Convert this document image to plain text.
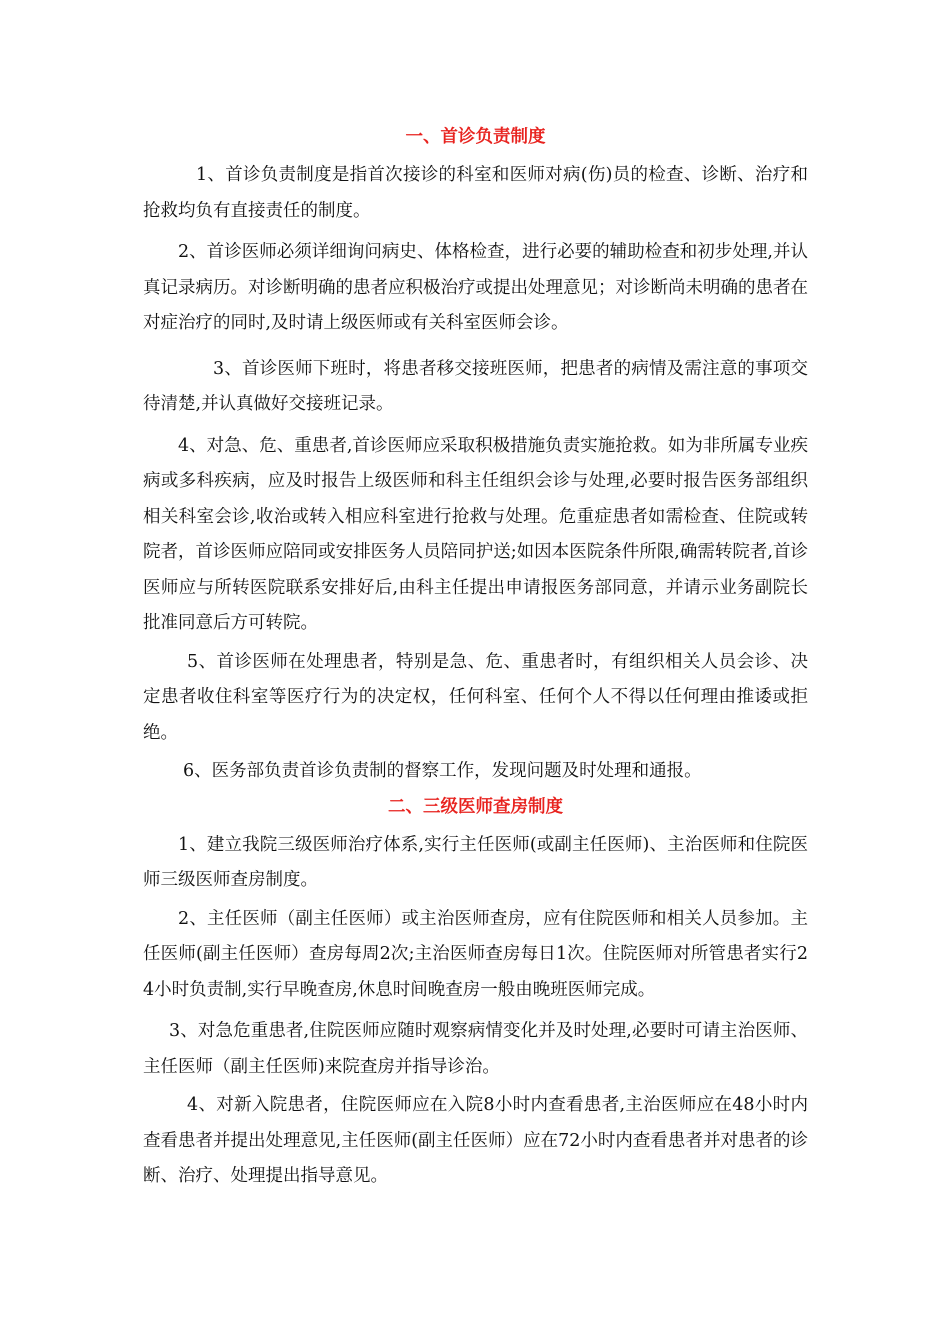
一、首诊负责制度

1、首诊负责制度是指首次接诊的科室和医师对病(伤)员的检查、诊断、治疗和抢救均负有直接责任的制度。

2、首诊医师必须详细询问病史、体格检查，进行必要的辅助检查和初步处理,并认真记录病历。对诊断明确的患者应积极治疗或提出处理意见；对诊断尚未明确的患者在对症治疗的同时,及时请上级医师或有关科室医师会诊。

3、首诊医师下班时，将患者移交接班医师，把患者的病情及需注意的事项交待清楚,并认真做好交接班记录。

4、对急、危、重患者,首诊医师应采取积极措施负责实施抢救。如为非所属专业疾病或多科疾病，应及时报告上级医师和科主任组织会诊与处理,必要时报告医务部组织相关科室会诊,收治或转入相应科室进行抢救与处理。危重症患者如需检查、住院或转院者，首诊医师应陪同或安排医务人员陪同护送;如因本医院条件所限,确需转院者,首诊医师应与所转医院联系安排好后,由科主任提出申请报医务部同意，并请示业务副院长批准同意后方可转院。

5、首诊医师在处理患者，特别是急、危、重患者时，有组织相关人员会诊、决定患者收住科室等医疗行为的决定权，任何科室、任何个人不得以任何理由推诿或拒绝。

6、医务部负责首诊负责制的督察工作，发现问题及时处理和通报。

二、三级医师查房制度

1、建立我院三级医师治疗体系,实行主任医师(或副主任医师)、主治医师和住院医师三级医师查房制度。

2、主任医师（副主任医师）或主治医师查房，应有住院医师和相关人员参加。主任医师(副主任医师）查房每周2次;主治医师查房每日1次。住院医师对所管患者实行24小时负责制,实行早晚查房,休息时间晚查房一般由晚班医师完成。

3、对急危重患者,住院医师应随时观察病情变化并及时处理,必要时可请主治医师、主任医师（副主任医师)来院查房并指导诊治。

4、对新入院患者，住院医师应在入院8小时内查看患者,主治医师应在48小时内查看患者并提出处理意见,主任医师(副主任医师）应在72小时内查看患者并对患者的诊断、治疗、处理提出指导意见。
